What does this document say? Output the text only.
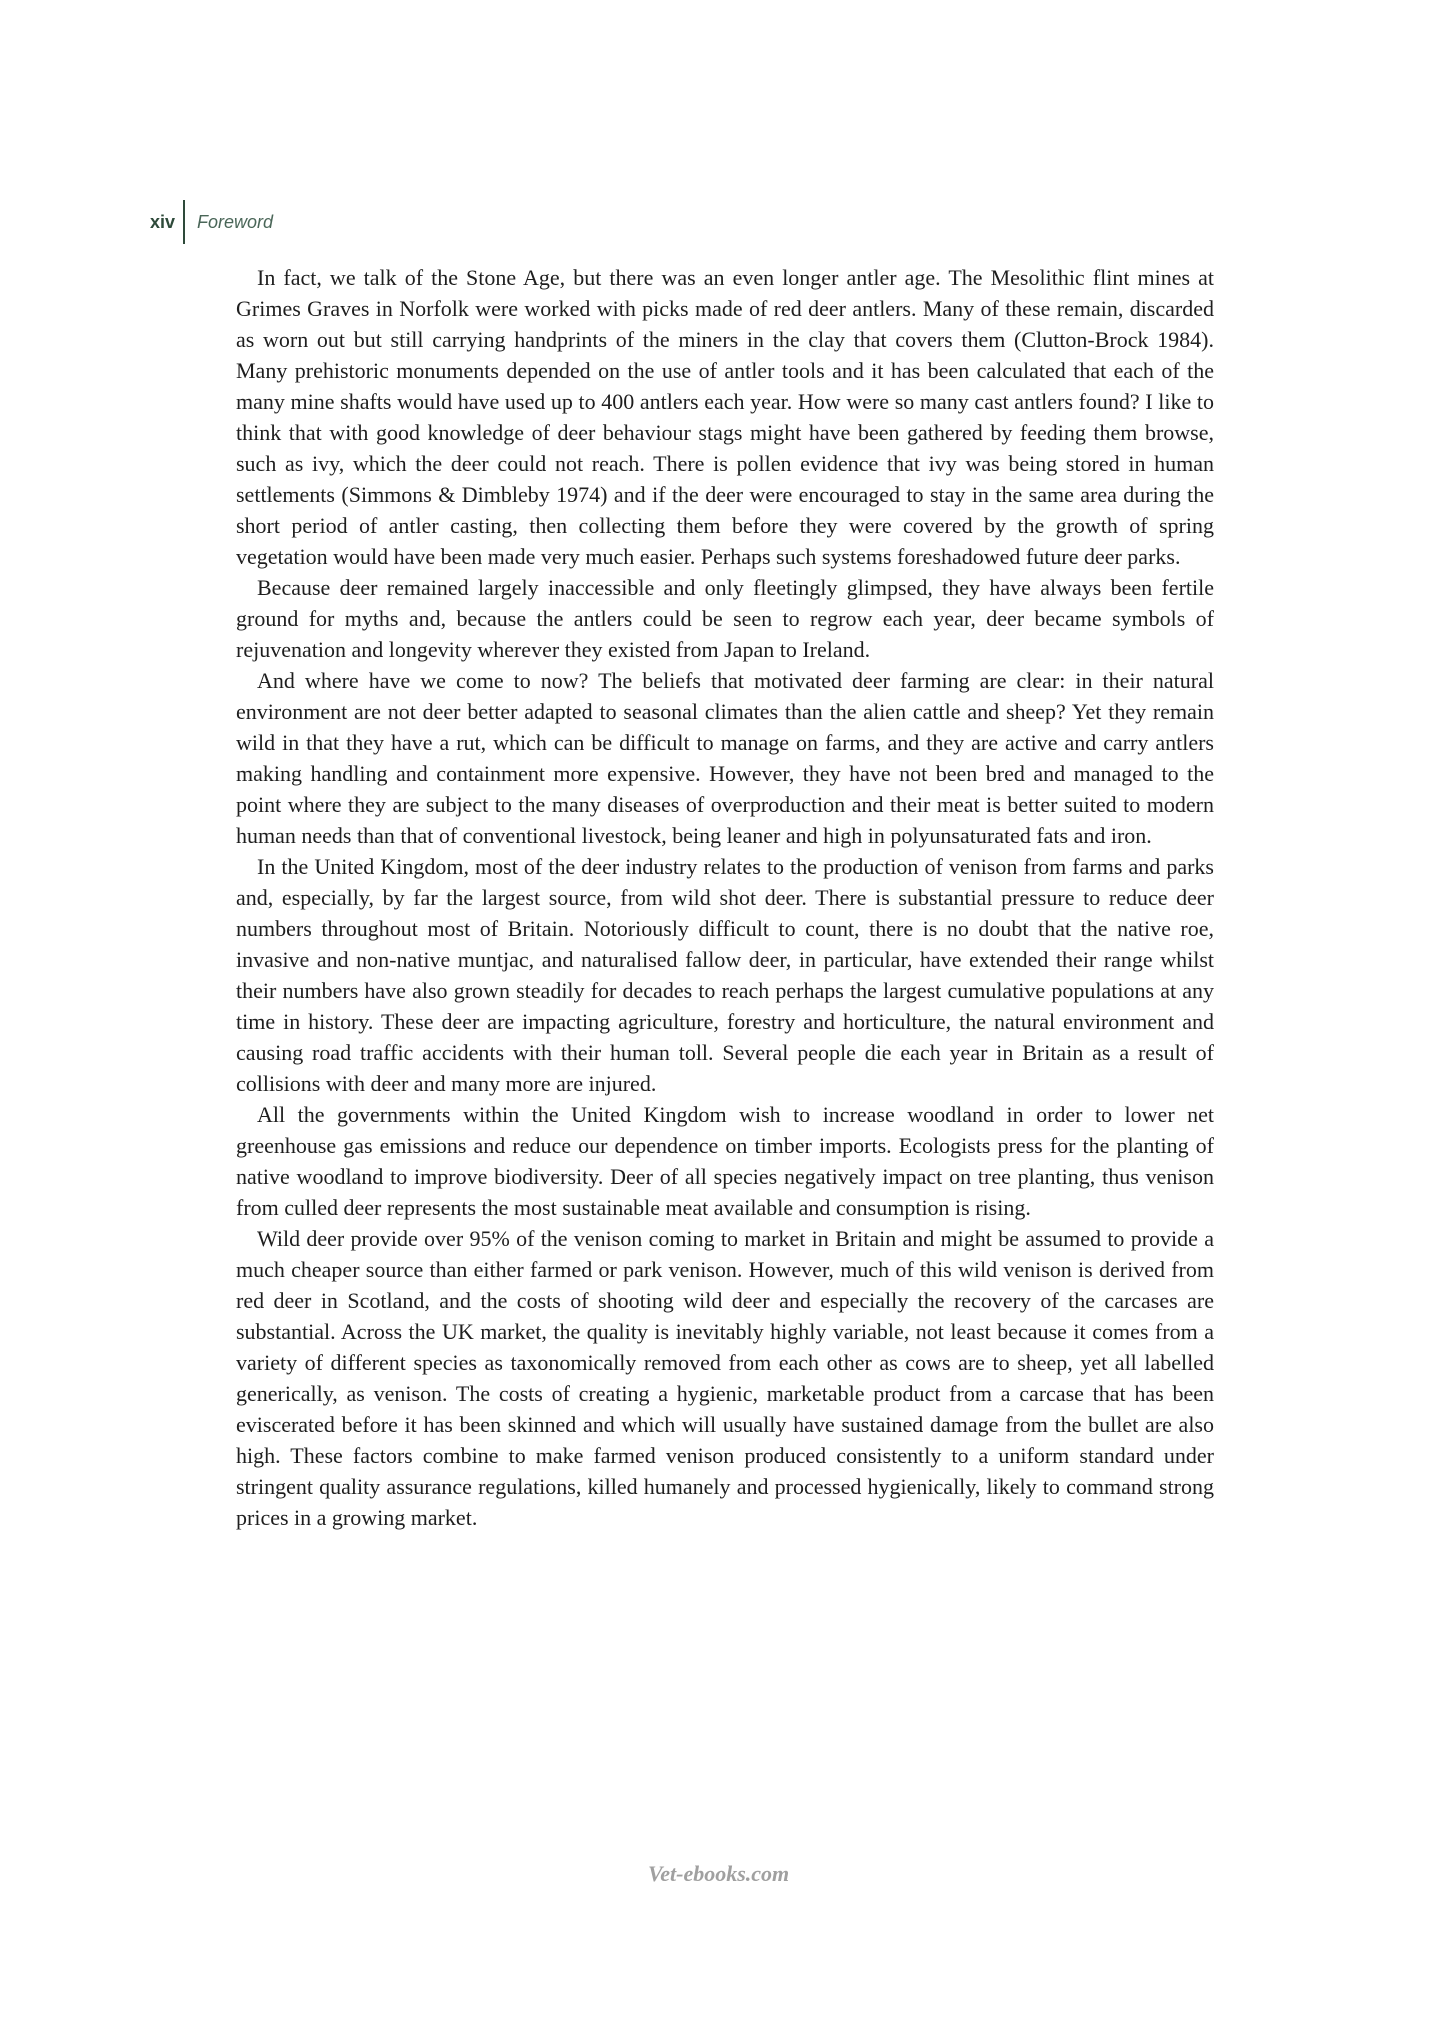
xiv	Foreword

In fact, we talk of the Stone Age, but there was an even longer antler age. The Mesolithic flint mines at Grimes Graves in Norfolk were worked with picks made of red deer antlers. Many of these remain, discarded as worn out but still carrying handprints of the miners in the clay that covers them (Clutton-Brock 1984). Many prehistoric monuments depended on the use of antler tools and it has been calculated that each of the many mine shafts would have used up to 400 antlers each year. How were so many cast antlers found? I like to think that with good knowledge of deer behaviour stags might have been gathered by feeding them browse, such as ivy, which the deer could not reach. There is pollen evidence that ivy was being stored in human settlements (Simmons & Dimbleby 1974) and if the deer were encouraged to stay in the same area during the short period of antler casting, then collecting them before they were covered by the growth of spring vegetation would have been made very much easier. Perhaps such systems foreshadowed future deer parks.

Because deer remained largely inaccessible and only fleetingly glimpsed, they have always been fertile ground for myths and, because the antlers could be seen to regrow each year, deer became symbols of rejuvenation and longevity wherever they existed from Japan to Ireland.

And where have we come to now? The beliefs that motivated deer farming are clear: in their natural environment are not deer better adapted to seasonal climates than the alien cattle and sheep? Yet they remain wild in that they have a rut, which can be difficult to manage on farms, and they are active and carry antlers making handling and containment more expensive. However, they have not been bred and managed to the point where they are subject to the many diseases of overproduction and their meat is better suited to modern human needs than that of conventional livestock, being leaner and high in polyunsaturated fats and iron.

In the United Kingdom, most of the deer industry relates to the production of venison from farms and parks and, especially, by far the largest source, from wild shot deer. There is substantial pressure to reduce deer numbers throughout most of Britain. Notoriously difficult to count, there is no doubt that the native roe, invasive and non-native muntjac, and naturalised fallow deer, in particular, have extended their range whilst their numbers have also grown steadily for decades to reach perhaps the largest cumulative populations at any time in history. These deer are impacting agriculture, forestry and horticulture, the natural environment and causing road traffic accidents with their human toll. Several people die each year in Britain as a result of collisions with deer and many more are injured.

All the governments within the United Kingdom wish to increase woodland in order to lower net greenhouse gas emissions and reduce our dependence on timber imports. Ecologists press for the planting of native woodland to improve biodiversity. Deer of all species negatively impact on tree planting, thus venison from culled deer represents the most sustainable meat available and consumption is rising.

Wild deer provide over 95% of the venison coming to market in Britain and might be assumed to provide a much cheaper source than either farmed or park venison. However, much of this wild venison is derived from red deer in Scotland, and the costs of shooting wild deer and especially the recovery of the carcases are substantial. Across the UK market, the quality is inevitably highly variable, not least because it comes from a variety of different species as taxonomically removed from each other as cows are to sheep, yet all labelled generically, as venison. The costs of creating a hygienic, marketable product from a carcase that has been eviscerated before it has been skinned and which will usually have sustained damage from the bullet are also high. These factors combine to make farmed venison produced consistently to a uniform standard under stringent quality assurance regulations, killed humanely and processed hygienically, likely to command strong prices in a growing market.

Vet-ebooks.com
